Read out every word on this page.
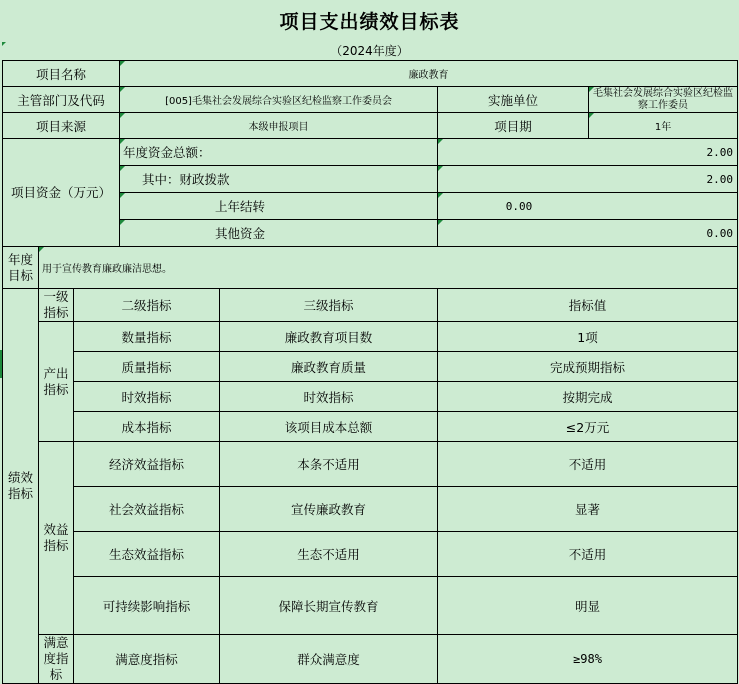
项目支出绩效目标表
（2024年度）
项目名称			廉政教育			
主管部门及代码			[005]毛集社会发展综合实验区纪检监察工作委员会		实施单位	毛集社会发展综合实验区纪检监察工作委员
项目来源			本级申报项目		项目期	1年
项目资金（万元）			年度资金总额：		2.00	
			其中：财政拨款		2.00	
			上年结转		0.00	
			其他资金		0.00	
年度目标	用于宣传教育廉政廉洁思想。					
绩效指标	一级指标	二级指标		三级指标	指标值	
	产出指标	数量指标		廉政教育项目数	1项	
		质量指标		廉政教育质量	完成预期指标	
		时效指标		时效指标	按期完成	
		成本指标		该项目成本总额	≤2万元	
	效益指标	经济效益指标		本条不适用	不适用	
		社会效益指标		宣传廉政教育	显著	
		生态效益指标		生态不适用	不适用	
		可持续影响指标		保障长期宣传教育	明显	
	满意度指标	满意度指标		群众满意度	≥98%	
